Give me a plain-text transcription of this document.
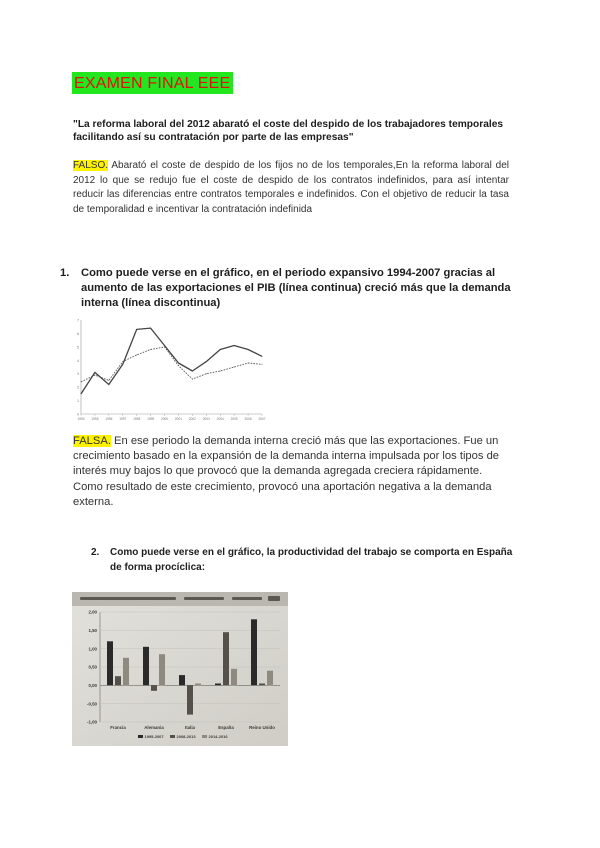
EXAMEN FINAL EEE
"La reforma laboral del 2012 abarató el coste del despido de los trabajadores temporales facilitando así su contratación por parte de las empresas"
FALSO. Abarató el coste de despido de los fijos no de los temporales,En la reforma laboral del 2012 lo que se redujo fue el coste de despido de los contratos indefinidos, para así intentar reducir las diferencias entre contratos temporales e indefinidos. Con el objetivo de reducir la tasa de temporalidad e incentivar la contratación indefinida
1. Como puede verse en el gráfico, en el periodo expansivo 1994-2007 gracias al aumento de las exportaciones el PIB (línea continua) creció más que la demanda interna (línea discontinua)
0
1
2
3
4
5
6
7
1994 1995 1996 1997 1998 1999 2000 2001 2002 2003 2004 2005 2006 2007
FALSA. En ese periodo la demanda interna creció más que las exportaciones. Fue un crecimiento basado en la expansión de la demanda interna impulsada por los tipos de interés muy bajos lo que provocó que la demanda agregada creciera rápidamente. Como resultado de este crecimiento, provocó una aportación negativa a la demanda externa.
2. Como puede verse en el gráfico, la productividad del trabajo se comporta en España de forma procíclica:
2,00
1,50
1,00
0,50
0,00
-0,50
-1,00
Francia	Alemania	Italia	España	Reino Unido
1995-2007	2008-2013	2014-2016
